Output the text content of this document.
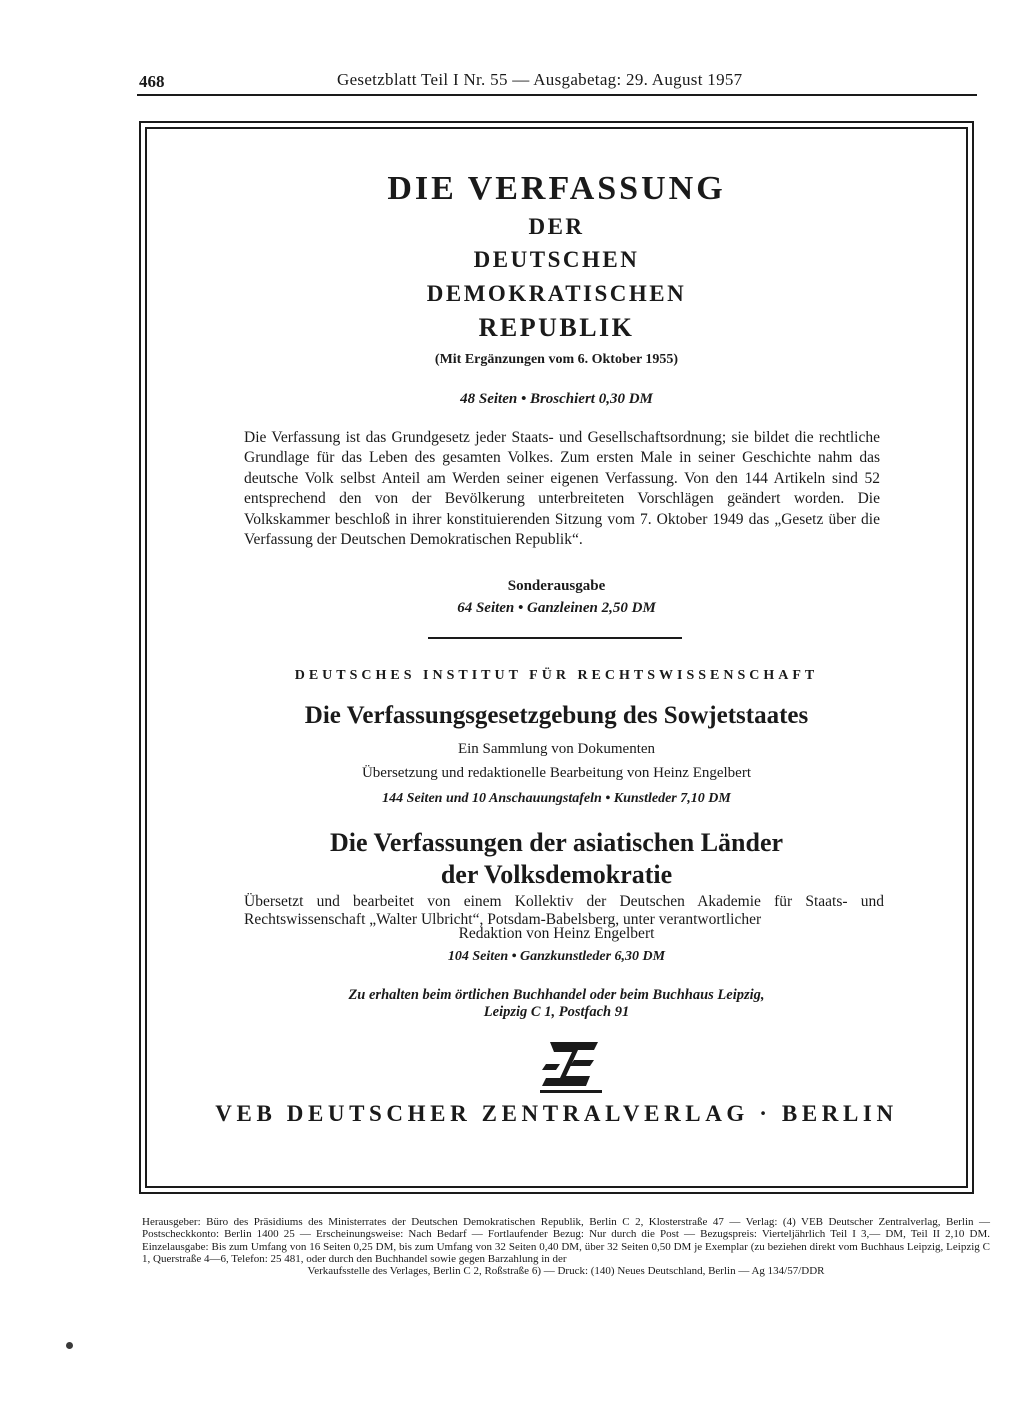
468	Gesetzblatt Teil I Nr. 55 — Ausgabetag: 29. August 1957
DIE VERFASSUNG
DER
DEUTSCHEN
DEMOKRATISCHEN
REPUBLIK
(Mit Ergänzungen vom 6. Oktober 1955)
48 Seiten • Broschiert 0,30 DM
Die Verfassung ist das Grundgesetz jeder Staats- und Gesellschaftsordnung; sie bildet die rechtliche Grundlage für das Leben des gesamten Volkes. Zum ersten Male in seiner Geschichte nahm das deutsche Volk selbst Anteil am Werden seiner eigenen Verfassung. Von den 144 Artikeln sind 52 entsprechend den von der Bevölkerung unterbreiteten Vorschlägen geändert worden. Die Volkskammer beschloß in ihrer konstituierenden Sitzung vom 7. Oktober 1949 das „Gesetz über die Verfassung der Deutschen Demokratischen Republik“.
Sonderausgabe
64 Seiten • Ganzleinen 2,50 DM
DEUTSCHES INSTITUT FÜR RECHTSWISSENSCHAFT
Die Verfassungsgesetzgebung des Sowjetstaates
Ein Sammlung von Dokumenten
Übersetzung und redaktionelle Bearbeitung von Heinz Engelbert
144 Seiten und 10 Anschauungstafeln • Kunstleder 7,10 DM
Die Verfassungen der asiatischen Länder
der Volksdemokratie
Übersetzt und bearbeitet von einem Kollektiv der Deutschen Akademie für Staats- und Rechtswissenschaft „Walter Ulbricht“, Potsdam-Babelsberg, unter verantwortlicher
Redaktion von Heinz Engelbert
104 Seiten • Ganzkunstleder 6,30 DM
Zu erhalten beim örtlichen Buchhandel oder beim Buchhaus Leipzig,
Leipzig C 1, Postfach 91
VEB DEUTSCHER ZENTRALVERLAG · BERLIN
Herausgeber: Büro des Präsidiums des Ministerrates der Deutschen Demokratischen Republik, Berlin C 2, Klosterstraße 47 — Verlag: (4) VEB Deutscher Zentralverlag, Berlin — Postscheckkonto: Berlin 1400 25 — Erscheinungsweise: Nach Bedarf — Fortlaufender Bezug: Nur durch die Post — Bezugspreis: Vierteljährlich Teil I 3,— DM, Teil II 2,10 DM. Einzelausgabe: Bis zum Umfang von 16 Seiten 0,25 DM, bis zum Umfang von 32 Seiten 0,40 DM, über 32 Seiten 0,50 DM je Exemplar (zu beziehen direkt vom Buchhaus Leipzig, Leipzig C 1, Querstraße 4—6, Telefon: 25 481, oder durch den Buchhandel sowie gegen Barzahlung in der
Verkaufsstelle des Verlages, Berlin C 2, Roßstraße 6) — Druck: (140) Neues Deutschland, Berlin — Ag 134/57/DDR
